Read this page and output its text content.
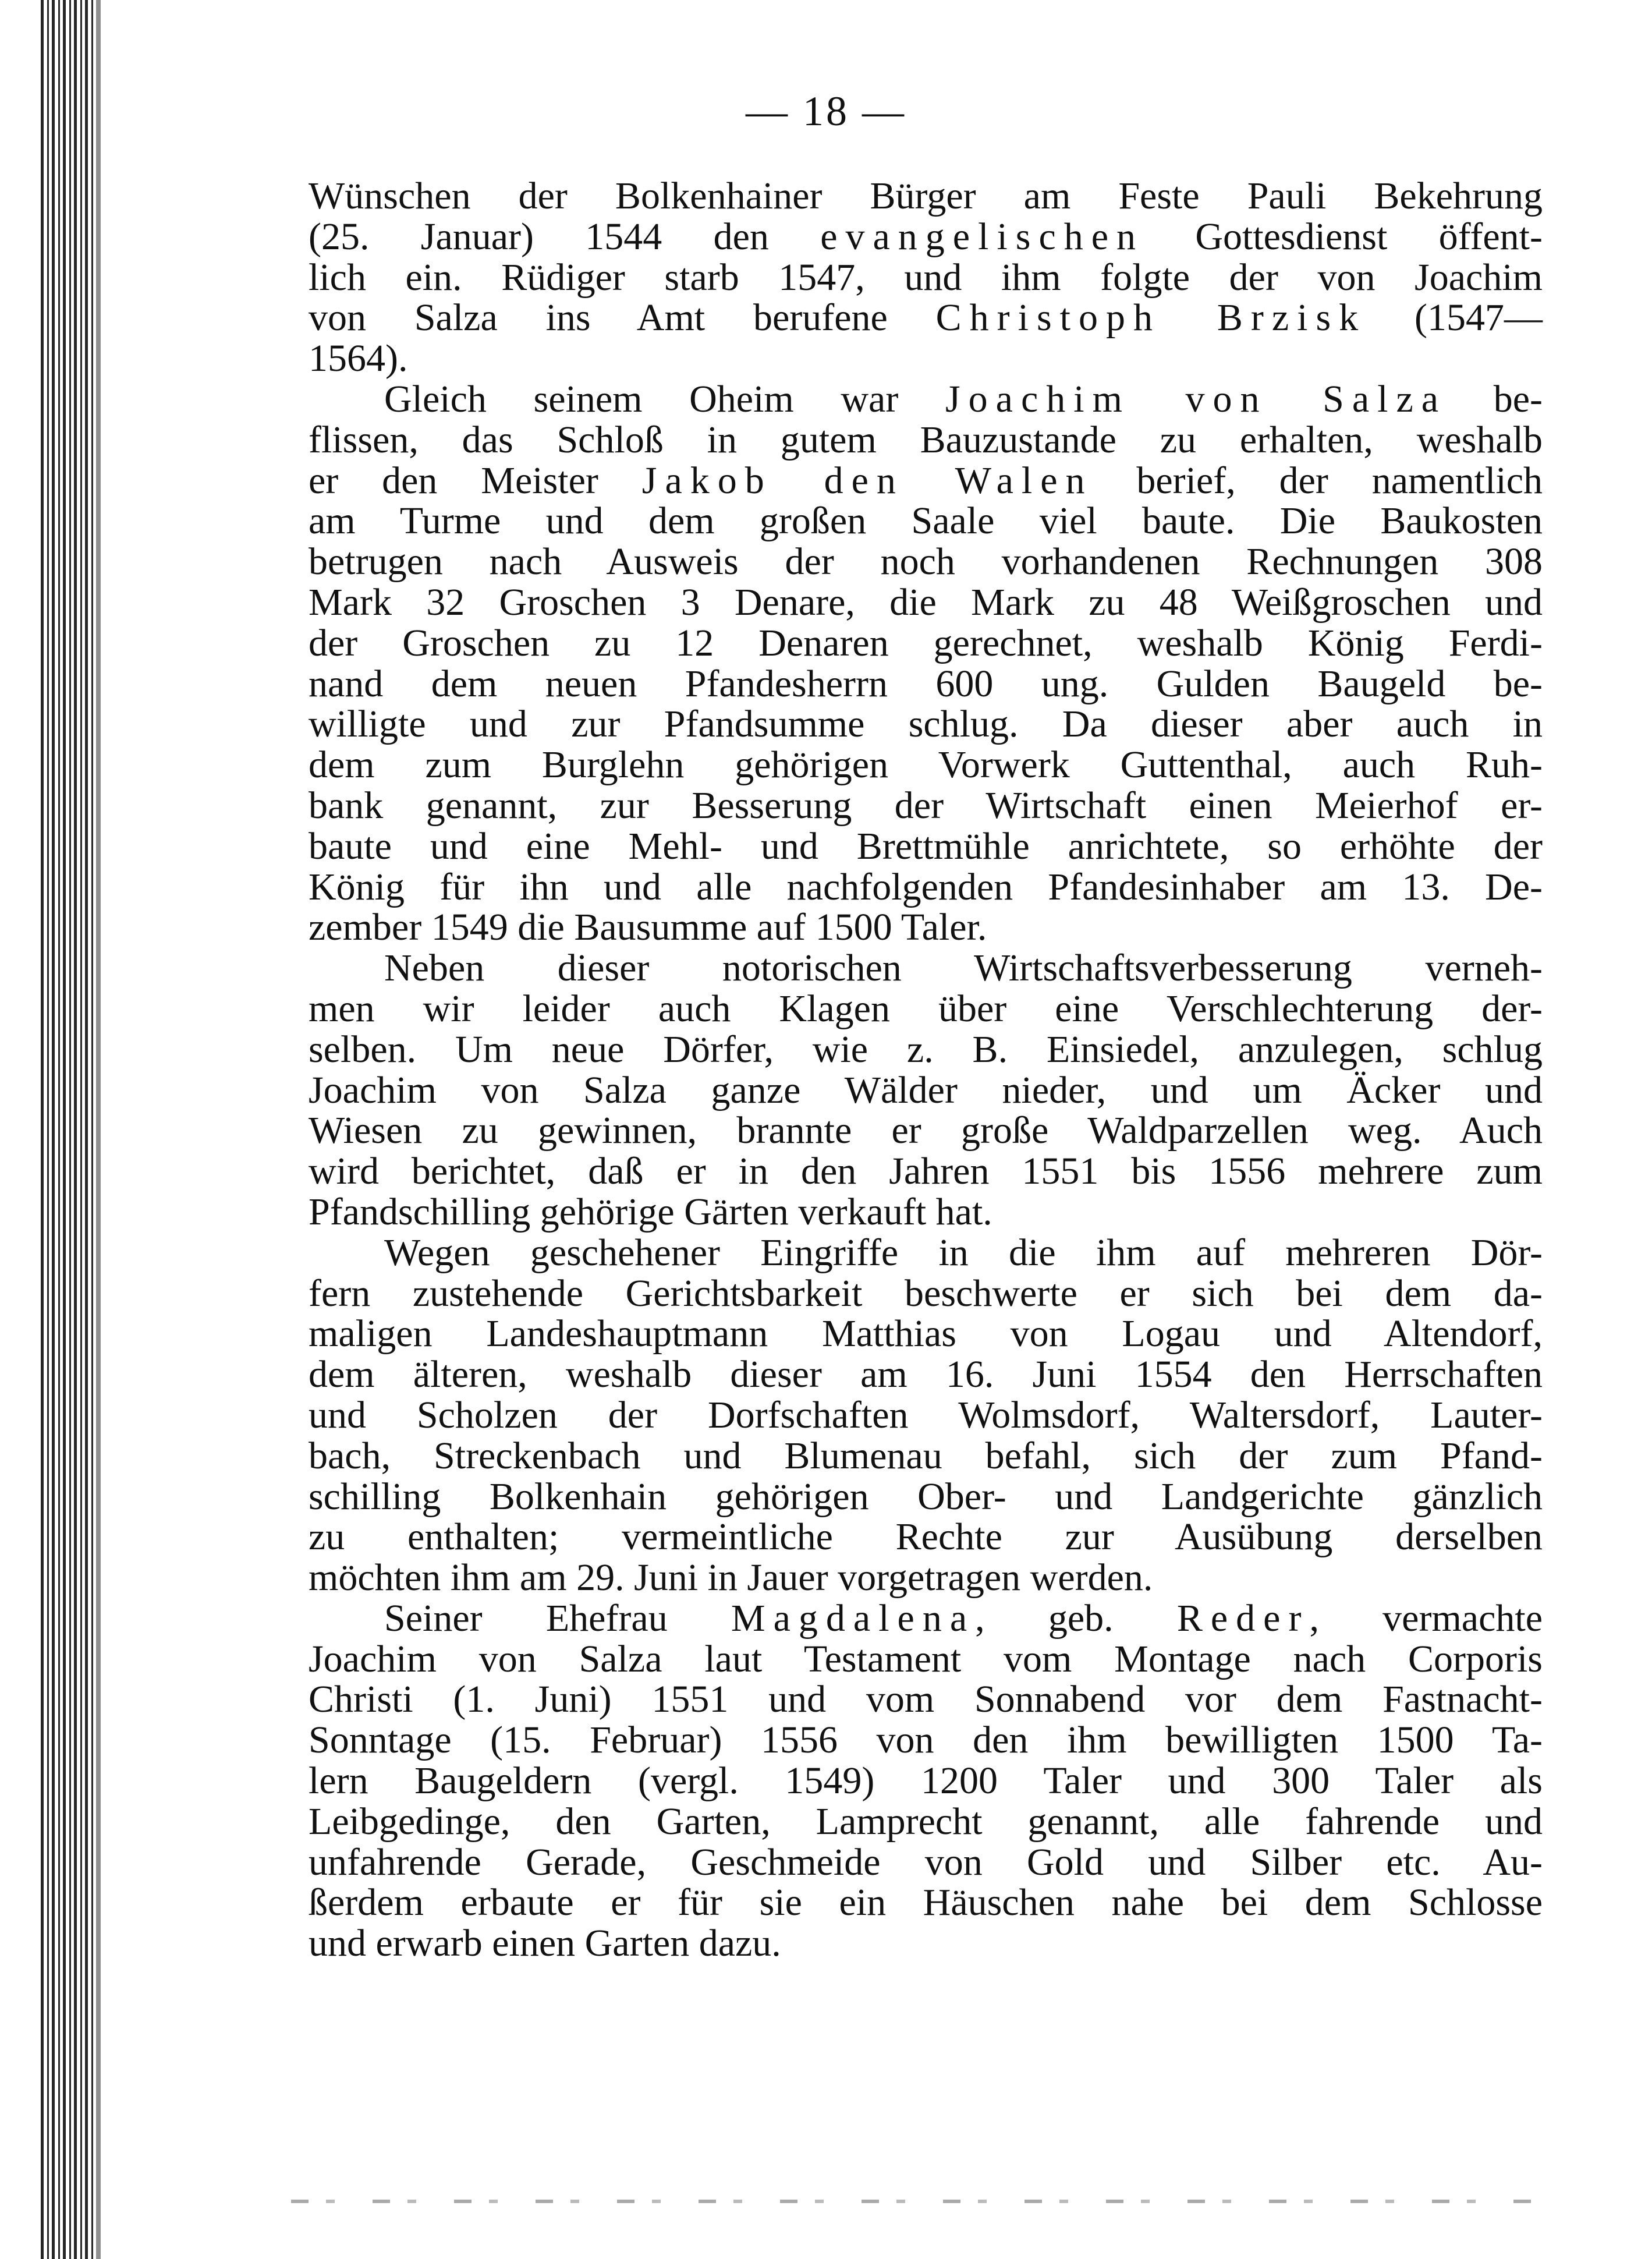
— 18 —
Wünschen der Bolkenhainer Bürger am Feste Pauli Bekehrung
(25. Januar) 1544 den evangelischen Gottesdienst öffent-
lich ein. Rüdiger starb 1547, und ihm folgte der von Joachim
von Salza ins Amt berufene Christoph Brzisk (1547—
1564).
Gleich seinem Oheim war Joachim von Salza be-
flissen, das Schloß in gutem Bauzustande zu erhalten, weshalb
er den Meister Jakob den Walen berief, der namentlich
am Turme und dem großen Saale viel baute. Die Baukosten
betrugen nach Ausweis der noch vorhandenen Rechnungen 308
Mark 32 Groschen 3 Denare, die Mark zu 48 Weißgroschen und
der Groschen zu 12 Denaren gerechnet, weshalb König Ferdi-
nand dem neuen Pfandesherrn 600 ung. Gulden Baugeld be-
willigte und zur Pfandsumme schlug. Da dieser aber auch in
dem zum Burglehn gehörigen Vorwerk Guttenthal, auch Ruh-
bank genannt, zur Besserung der Wirtschaft einen Meierhof er-
baute und eine Mehl- und Brettmühle anrichtete, so erhöhte der
König für ihn und alle nachfolgenden Pfandesinhaber am 13. De-
zember 1549 die Bausumme auf 1500 Taler.
Neben dieser notorischen Wirtschaftsverbesserung verneh-
men wir leider auch Klagen über eine Verschlechterung der-
selben. Um neue Dörfer, wie z. B. Einsiedel, anzulegen, schlug
Joachim von Salza ganze Wälder nieder, und um Äcker und
Wiesen zu gewinnen, brannte er große Waldparzellen weg. Auch
wird berichtet, daß er in den Jahren 1551 bis 1556 mehrere zum
Pfandschilling gehörige Gärten verkauft hat.
Wegen geschehener Eingriffe in die ihm auf mehreren Dör-
fern zustehende Gerichtsbarkeit beschwerte er sich bei dem da-
maligen Landeshauptmann Matthias von Logau und Altendorf,
dem älteren, weshalb dieser am 16. Juni 1554 den Herrschaften
und Scholzen der Dorfschaften Wolmsdorf, Waltersdorf, Lauter-
bach, Streckenbach und Blumenau befahl, sich der zum Pfand-
schilling Bolkenhain gehörigen Ober- und Landgerichte gänzlich
zu enthalten; vermeintliche Rechte zur Ausübung derselben
möchten ihm am 29. Juni in Jauer vorgetragen werden.
Seiner Ehefrau Magdalena, geb. Reder, vermachte
Joachim von Salza laut Testament vom Montage nach Corporis
Christi (1. Juni) 1551 und vom Sonnabend vor dem Fastnacht-
Sonntage (15. Februar) 1556 von den ihm bewilligten 1500 Ta-
lern Baugeldern (vergl. 1549) 1200 Taler und 300 Taler als
Leibgedinge, den Garten, Lamprecht genannt, alle fahrende und
unfahrende Gerade, Geschmeide von Gold und Silber etc. Au-
ßerdem erbaute er für sie ein Häuschen nahe bei dem Schlosse
und erwarb einen Garten dazu.
